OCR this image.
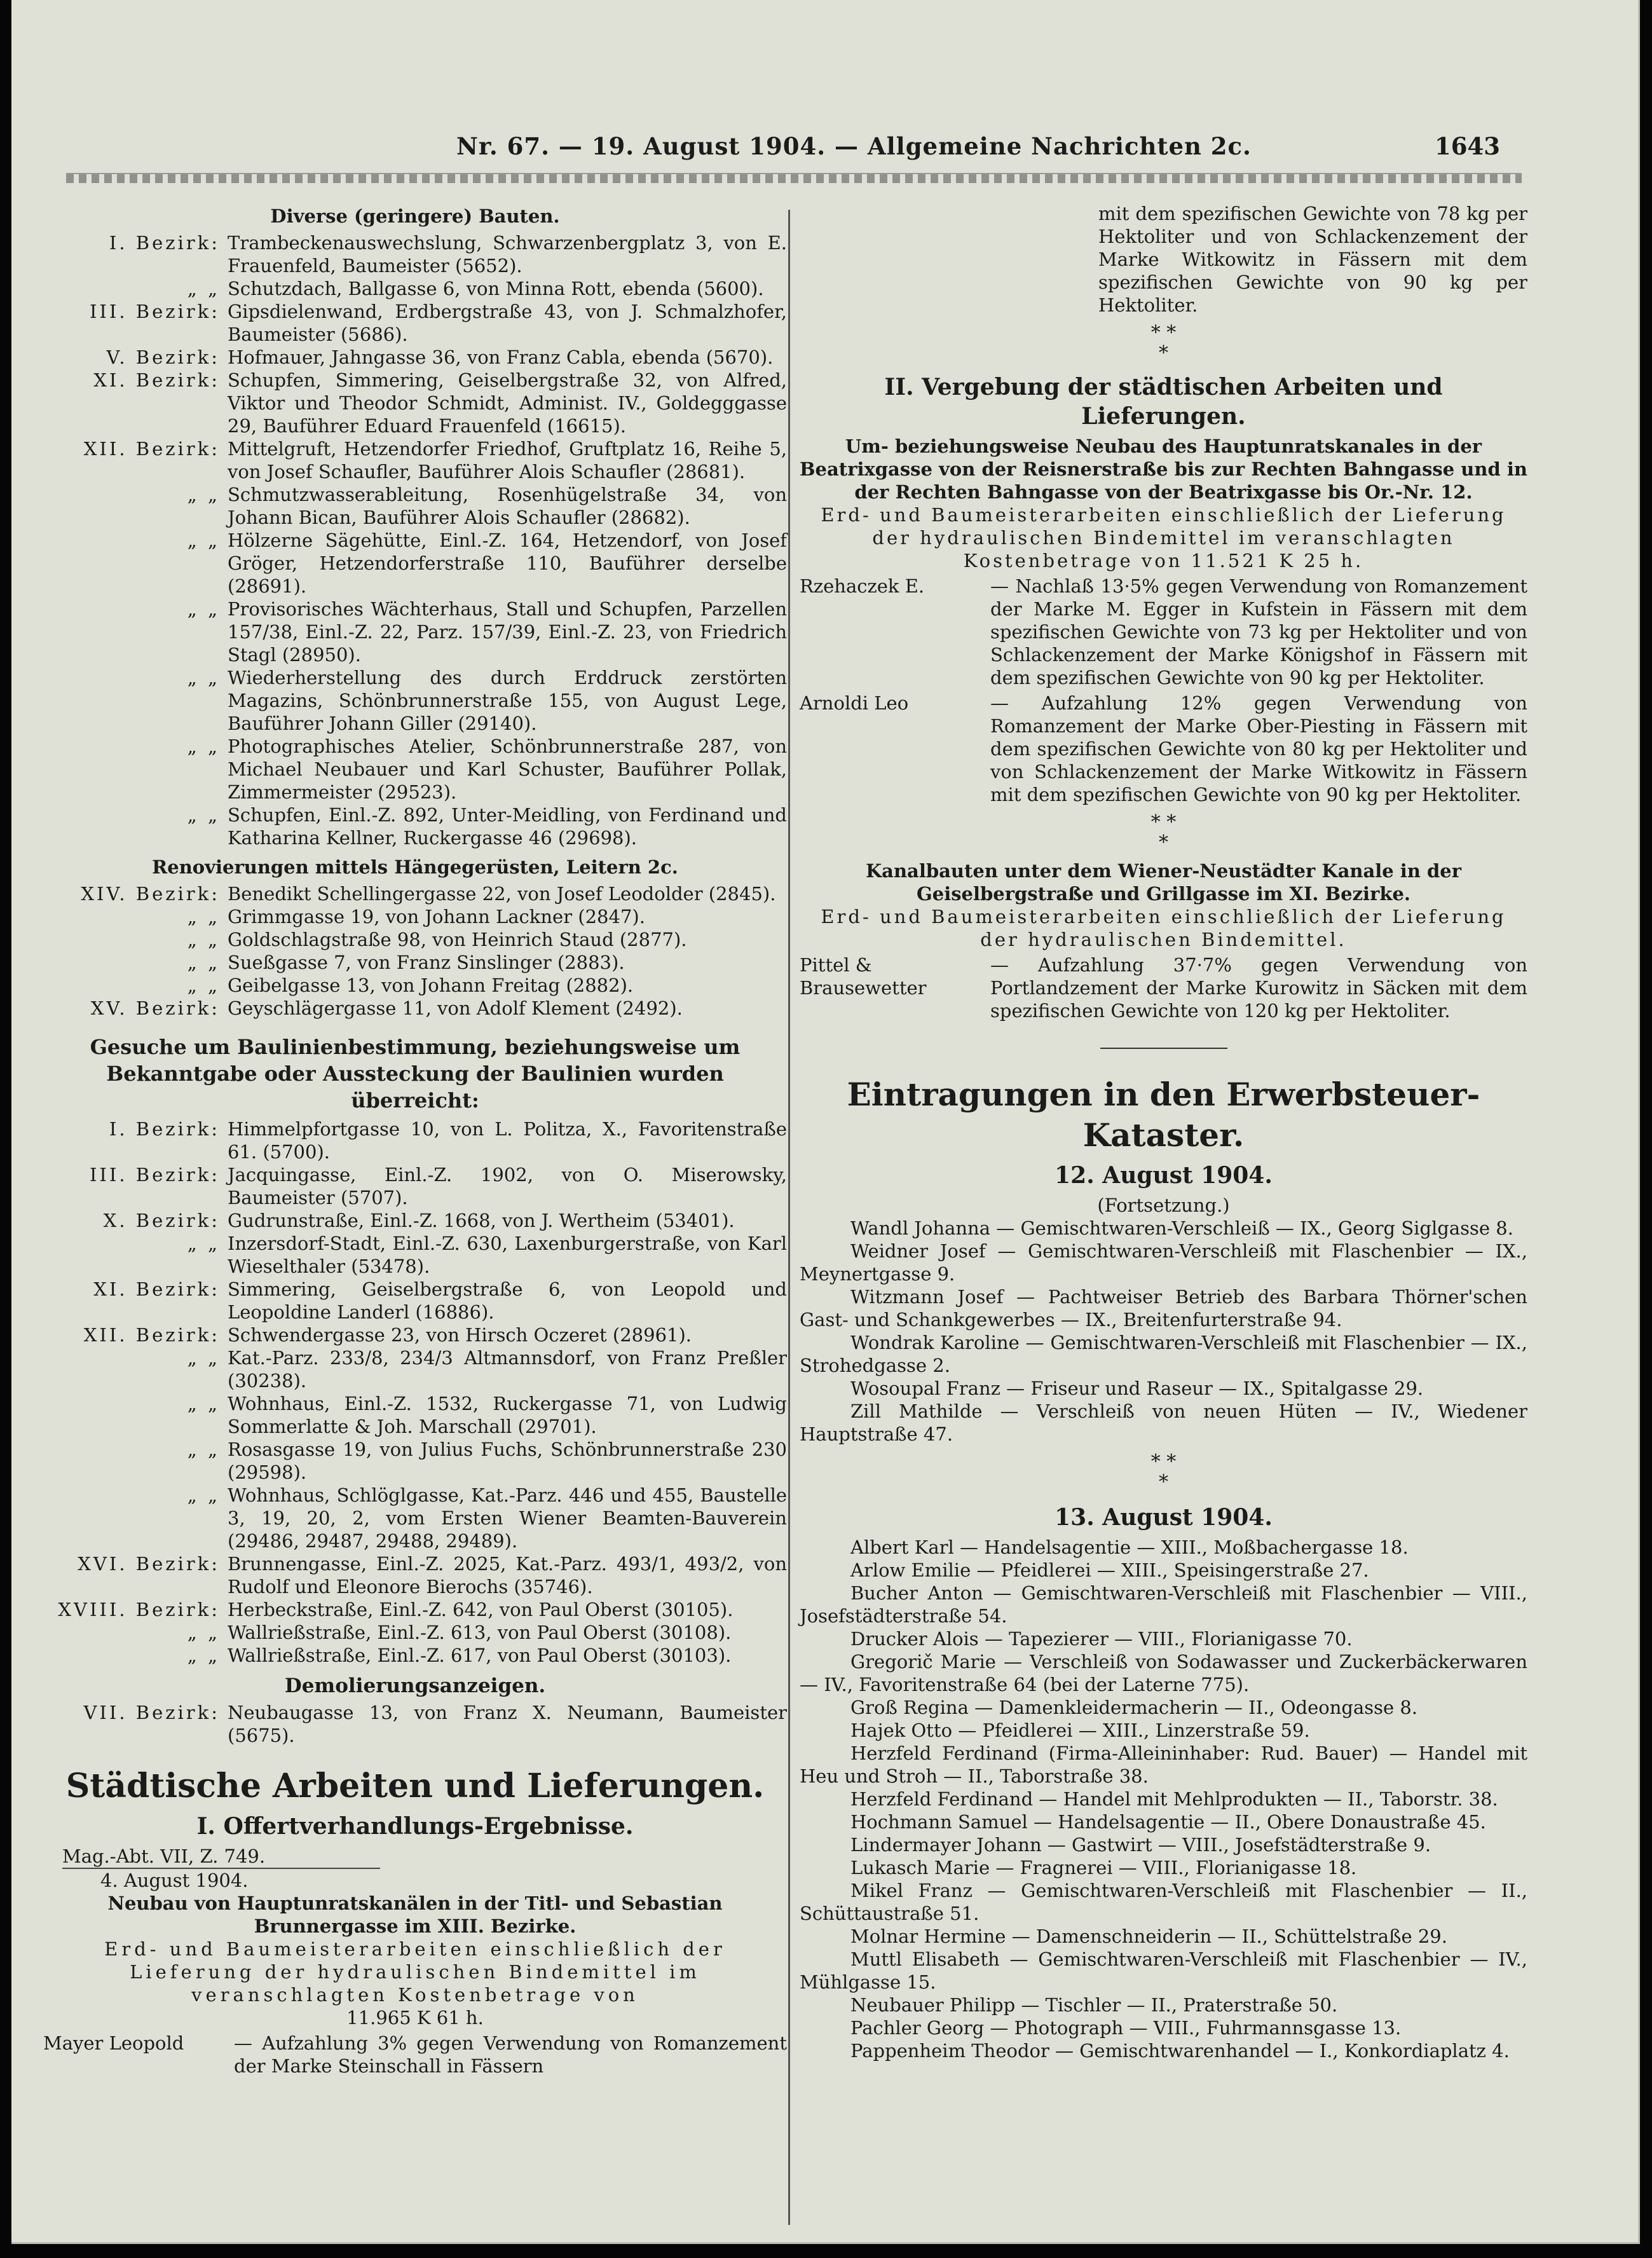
Nr. 67. — 19. August 1904. — Allgemeine Nachrichten 2c.	1643
Diverse (geringere) Bauten.
I. Bezirk: Trambeckenauswechslung, Schwarzenbergplatz 3, von E. Frauenfeld, Baumeister (5652).
„ „ Schutzdach, Ballgasse 6, von Minna Rott, ebenda (5600).
III. Bezirk: Gipsdielenwand, Erdbergstraße 43, von J. Schmalzhofer, Baumeister (5686).
V. Bezirk: Hofmauer, Jahngasse 36, von Franz Cabla, ebenda (5670).
XI. Bezirk: Schupfen, Simmering, Geiselbergstraße 32, von Alfred, Viktor und Theodor Schmidt, Administ. IV., Goldegggasse 29, Bauführer Eduard Frauenfeld (16615).
XII. Bezirk: Mittelgruft, Hetzendorfer Friedhof, Gruftplatz 16, Reihe 5, von Josef Schaufler, Bauführer Alois Schaufler (28681).
„ „ Schmutzwasserableitung, Rosenhügelstraße 34, von Johann Bican, Bauführer Alois Schaufler (28682).
„ „ Hölzerne Sägehütte, Einl.-Z. 164, Hetzendorf, von Josef Gröger, Hetzendorferstraße 110, Bauführer derselbe (28691).
„ „ Provisorisches Wächterhaus, Stall und Schupfen, Parzellen 157/38, Einl.-Z. 22, Parz. 157/39, Einl.-Z. 23, von Friedrich Stagl (28950).
„ „ Wiederherstellung des durch Erddruck zerstörten Magazins, Schönbrunnerstraße 155, von August Lege, Bauführer Johann Giller (29140).
„ „ Photographisches Atelier, Schönbrunnerstraße 287, von Michael Neubauer und Karl Schuster, Bauführer Pollak, Zimmermeister (29523).
„ „ Schupfen, Einl.-Z. 892, Unter-Meidling, von Ferdinand und Katharina Kellner, Ruckergasse 46 (29698).
Renovierungen mittels Hängegerüsten, Leitern 2c.
XIV. Bezirk: Benedikt Schellingergasse 22, von Josef Leodolder (2845).
„ „ Grimmgasse 19, von Johann Lackner (2847).
„ „ Goldschlagstraße 98, von Heinrich Staud (2877).
„ „ Sueßgasse 7, von Franz Sinslinger (2883).
„ „ Geibelgasse 13, von Johann Freitag (2882).
XV. Bezirk: Geyschlägergasse 11, von Adolf Klement (2492).
Gesuche um Baulinienbestimmung, beziehungsweise um Bekanntgabe oder Aussteckung der Baulinien wurden überreicht:
I. Bezirk: Himmelpfortgasse 10, von L. Politza, X., Favoritenstraße 61. (5700).
III. Bezirk: Jacquingasse, Einl.-Z. 1902, von O. Miserowsky, Baumeister (5707).
X. Bezirk: Gudrunstraße, Einl.-Z. 1668, von J. Wertheim (53401).
„ „ Inzersdorf-Stadt, Einl.-Z. 630, Laxenburgerstraße, von Karl Wieselthaler (53478).
XI. Bezirk: Simmering, Geiselbergstraße 6, von Leopold und Leopoldine Landerl (16886).
XII. Bezirk: Schwendergasse 23, von Hirsch Oczeret (28961).
„ „ Kat.-Parz. 233/8, 234/3 Altmannsdorf, von Franz Preßler (30238).
„ „ Wohnhaus, Einl.-Z. 1532, Ruckergasse 71, von Ludwig Sommerlatte & Joh. Marschall (29701).
„ „ Rosasgasse 19, von Julius Fuchs, Schönbrunnerstraße 230 (29598).
„ „ Wohnhaus, Schlöglgasse, Kat.-Parz. 446 und 455, Baustelle 3, 19, 20, 2, vom Ersten Wiener Beamten-Bauverein (29486, 29487, 29488, 29489).
XVI. Bezirk: Brunnengasse, Einl.-Z. 2025, Kat.-Parz. 493/1, 493/2, von Rudolf und Eleonore Bierochs (35746).
XVIII. Bezirk: Herbeckstraße, Einl.-Z. 642, von Paul Oberst (30105).
„ „ Wallrießstraße, Einl.-Z. 613, von Paul Oberst (30108).
„ „ Wallrießstraße, Einl.-Z. 617, von Paul Oberst (30103).
Demolierungsanzeigen.
VII. Bezirk: Neubaugasse 13, von Franz X. Neumann, Baumeister (5675).
Städtische Arbeiten und Lieferungen.
I. Offertverhandlungs-Ergebnisse.
Mag.-Abt. VII, Z. 749.
4. August 1904.
Neubau von Hauptunratskanälen in der Titl- und Sebastian Brunnergasse im XIII. Bezirke.
Erd- und Baumeisterarbeiten einschließlich der Lieferung der hydraulischen Bindemittel im veranschlagten Kostenbetrage von
11.965 K 61 h.
Mayer Leopold	— Aufzahlung 3% gegen Verwendung von Romanzement der Marke Steinschall in Fässern
mit dem spezifischen Gewichte von 78 kg per Hektoliter und von Schlackenzement der Marke Witkowitz in Fässern mit dem spezifischen Gewichte von 90 kg per Hektoliter.
* *
*
II. Vergebung der städtischen Arbeiten und Lieferungen.
Um- beziehungsweise Neubau des Hauptunratskanales in der Beatrixgasse von der Reisnerstraße bis zur Rechten Bahngasse und in der Rechten Bahngasse von der Beatrixgasse bis Or.-Nr. 12.
Erd- und Baumeisterarbeiten einschließlich der Lieferung der hydraulischen Bindemittel im veranschlagten Kostenbetrage von 11.521 K 25 h.
Rzehaczek E.	— Nachlaß 13·5% gegen Verwendung von Romanzement der Marke M. Egger in Kufstein in Fässern mit dem spezifischen Gewichte von 73 kg per Hektoliter und von Schlackenzement der Marke Königshof in Fässern mit dem spezifischen Gewichte von 90 kg per Hektoliter.
Arnoldi Leo	— Aufzahlung 12% gegen Verwendung von Romanzement der Marke Ober-Piesting in Fässern mit dem spezifischen Gewichte von 80 kg per Hektoliter und von Schlackenzement der Marke Witkowitz in Fässern mit dem spezifischen Gewichte von 90 kg per Hektoliter.
* *
*
Kanalbauten unter dem Wiener-Neustädter Kanale in der Geiselbergstraße und Grillgasse im XI. Bezirke.
Erd- und Baumeisterarbeiten einschließlich der Lieferung der hydraulischen Bindemittel.
Pittel & Brausewetter
— Aufzahlung 37·7% gegen Verwendung von Portlandzement der Marke Kurowitz in Säcken mit dem spezifischen Gewichte von 120 kg per Hektoliter.
Eintragungen in den Erwerbsteuer-Kataster.
12. August 1904.
(Fortsetzung.)

Wandl Johanna — Gemischtwaren-Verschleiß — IX., Georg Siglgasse 8.

Weidner Josef — Gemischtwaren-Verschleiß mit Flaschenbier — IX., Meynertgasse 9.

Witzmann Josef — Pachtweiser Betrieb des Barbara Thörner'schen Gast- und Schankgewerbes — IX., Breitenfurterstraße 94.

Wondrak Karoline — Gemischtwaren-Verschleiß mit Flaschenbier — IX., Strohedgasse 2.

Wosoupal Franz — Friseur und Raseur — IX., Spitalgasse 29.

Zill Mathilde — Verschleiß von neuen Hüten — IV., Wiedener Hauptstraße 47.

* *
*
13. August 1904.

Albert Karl — Handelsagentie — XIII., Moßbachergasse 18.

Arlow Emilie — Pfeidlerei — XIII., Speisingerstraße 27.

Bucher Anton — Gemischtwaren-Verschleiß mit Flaschenbier — VIII., Josefstädterstraße 54.

Drucker Alois — Tapezierer — VIII., Florianigasse 70.

Gregorič Marie — Verschleiß von Sodawasser und Zuckerbäckerwaren — IV., Favoritenstraße 64 (bei der Laterne 775).

Groß Regina — Damenkleidermacherin — II., Odeongasse 8.

Hajek Otto — Pfeidlerei — XIII., Linzerstraße 59.

Herzfeld Ferdinand (Firma-Alleininhaber: Rud. Bauer) — Handel mit Heu und Stroh — II., Taborstraße 38.

Herzfeld Ferdinand — Handel mit Mehlprodukten — II., Taborstr. 38.

Hochmann Samuel — Handelsagentie — II., Obere Donaustraße 45.

Lindermayer Johann — Gastwirt — VIII., Josefstädterstraße 9.

Lukasch Marie — Fragnerei — VIII., Florianigasse 18.

Mikel Franz — Gemischtwaren-Verschleiß mit Flaschenbier — II., Schüttaustraße 51.

Molnar Hermine — Damenschneiderin — II., Schüttelstraße 29.

Muttl Elisabeth — Gemischtwaren-Verschleiß mit Flaschenbier — IV., Mühlgasse 15.

Neubauer Philipp — Tischler — II., Praterstraße 50.

Pachler Georg — Photograph — VIII., Fuhrmannsgasse 13.

Pappenheim Theodor — Gemischtwarenhandel — I., Konkordiaplatz 4.
